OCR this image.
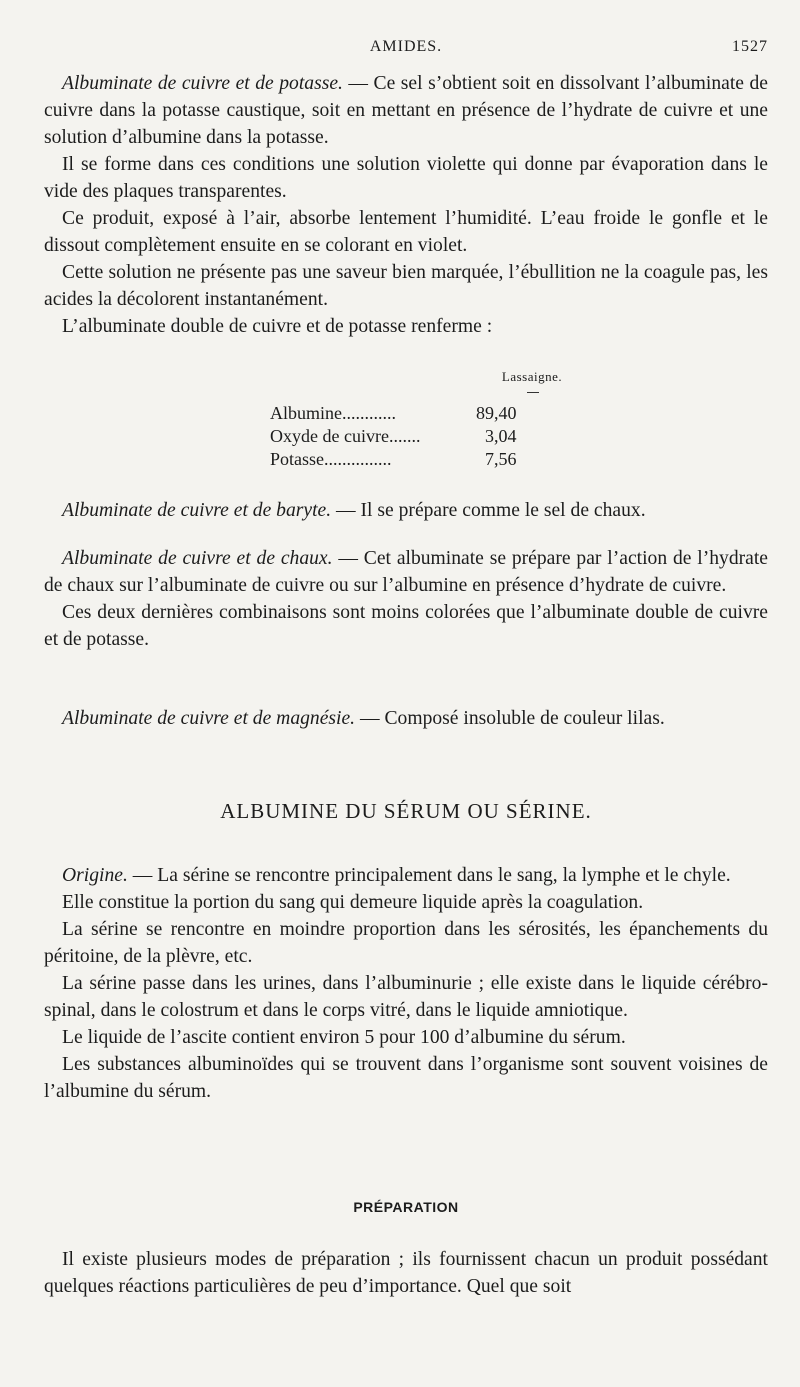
AMIDES.	1527

Albuminate de cuivre et de potasse. — Ce sel s’obtient soit en dissolvant l’albuminate de cuivre dans la potasse caustique, soit en mettant en présence de l’hydrate de cuivre et une solution d’albumine dans la potasse.

Il se forme dans ces conditions une solution violette qui donne par évaporation dans le vide des plaques transparentes.

Ce produit, exposé à l’air, absorbe lentement l’humidité. L’eau froide le gonfle et le dissout complètement ensuite en se colorant en violet.

Cette solution ne présente pas une saveur bien marquée, l’ébullition ne la coagule pas, les acides la décolorent instantanément.

L’albuminate double de cuivre et de potasse renferme :

Lassaigne.
Albumine............	89,40
Oxyde de cuivre.......	3,04
Potasse...............	7,56

Albuminate de cuivre et de baryte. — Il se prépare comme le sel de chaux.

Albuminate de cuivre et de chaux. — Cet albuminate se prépare par l’action de l’hydrate de chaux sur l’albuminate de cuivre ou sur l’albumine en présence d’hydrate de cuivre.

Ces deux dernières combinaisons sont moins colorées que l’albuminate double de cuivre et de potasse.

Albuminate de cuivre et de magnésie. — Composé insoluble de couleur lilas.

ALBUMINE DU SÉRUM OU SÉRINE.

Origine. — La sérine se rencontre principalement dans le sang, la lymphe et le chyle.

Elle constitue la portion du sang qui demeure liquide après la coagulation.

La sérine se rencontre en moindre proportion dans les sérosités, les épanchements du péritoine, de la plèvre, etc.

La sérine passe dans les urines, dans l’albuminurie ; elle existe dans le liquide cérébro-spinal, dans le colostrum et dans le corps vitré, dans le liquide amniotique.

Le liquide de l’ascite contient environ 5 pour 100 d’albumine du sérum.

Les substances albuminoïdes qui se trouvent dans l’organisme sont souvent voisines de l’albumine du sérum.

PRÉPARATION

Il existe plusieurs modes de préparation ; ils fournissent chacun un produit possédant quelques réactions particulières de peu d’importance. Quel que soit
